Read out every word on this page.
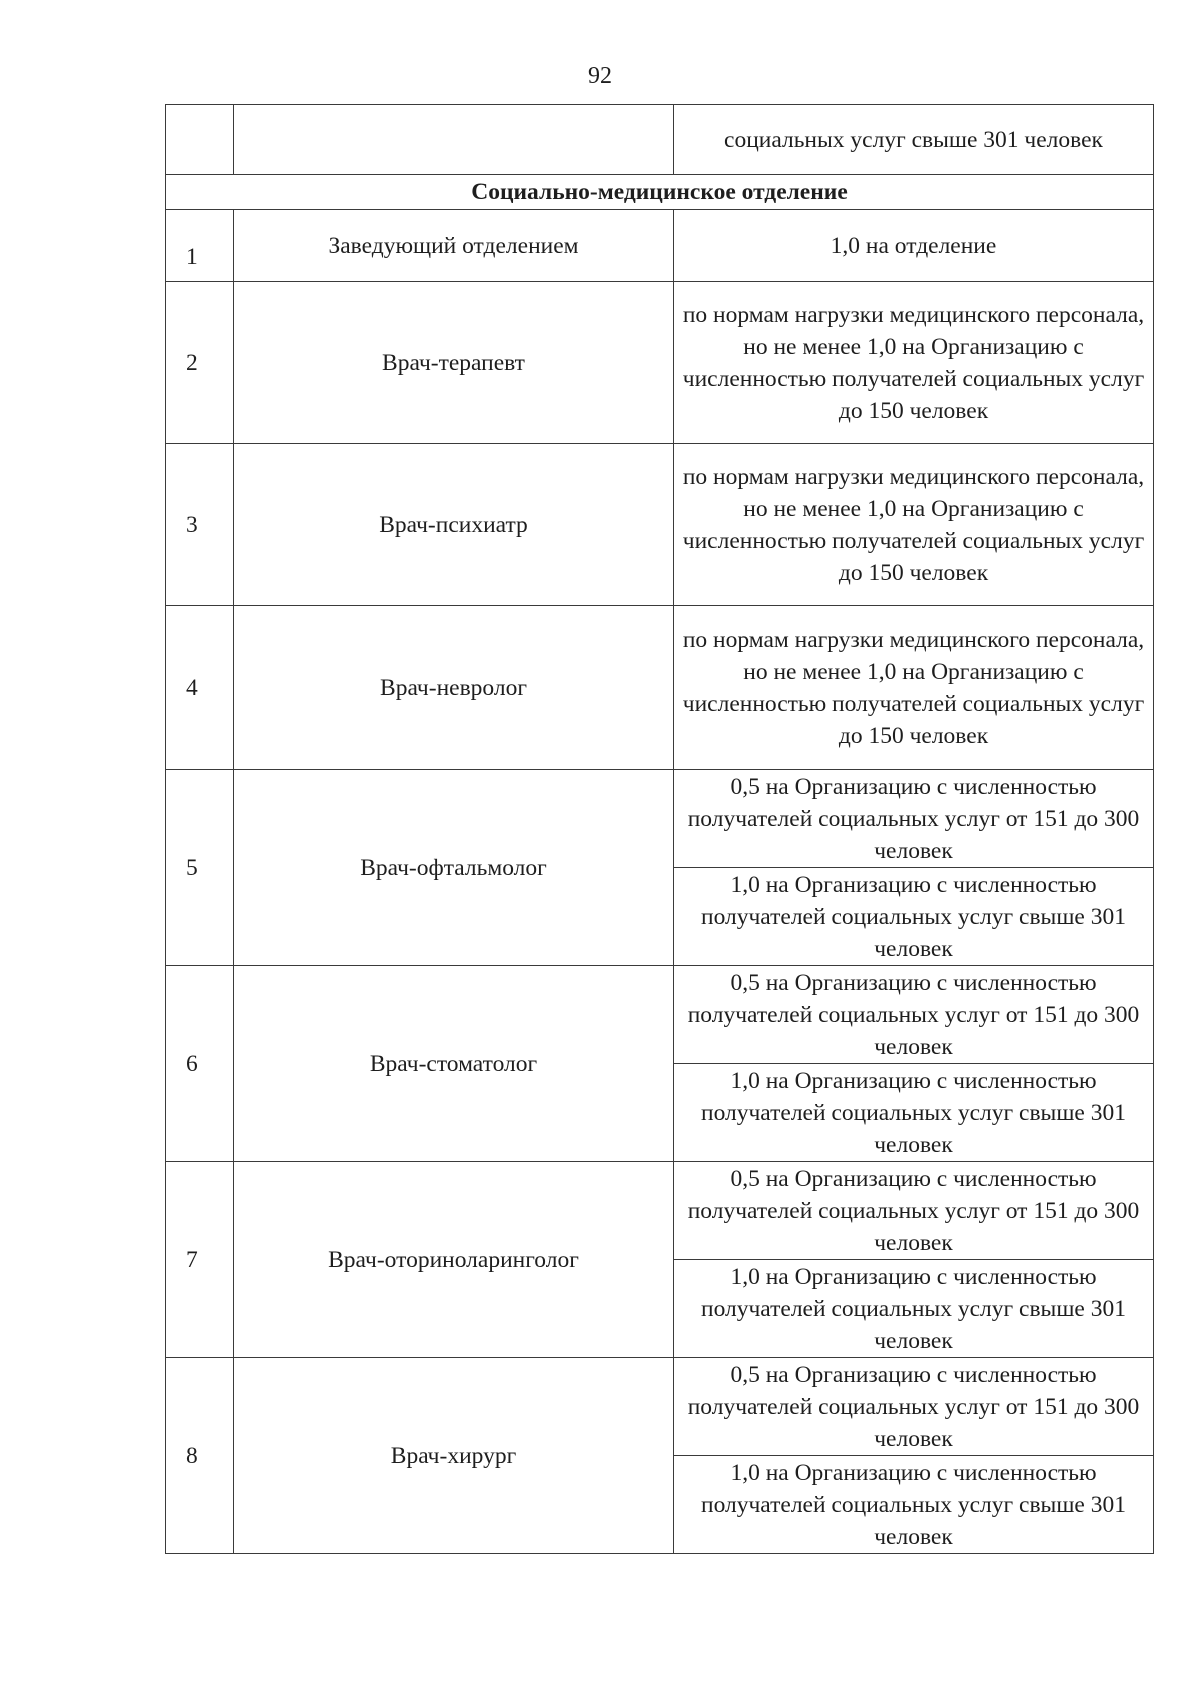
92
		социальных услуг свыше 301 человек
Социально-медицинское отделение		
1	Заведующий отделением	1,0 на отделение
2	Врач-терапевт	по нормам нагрузки медицинского персонала, но не менее 1,0 на Организацию с численностью получателей социальных услуг до 150 человек
3	Врач-психиатр	по нормам нагрузки медицинского персонала, но не менее 1,0 на Организацию с численностью получателей социальных услуг до 150 человек
4	Врач-невролог	по нормам нагрузки медицинского персонала, но не менее 1,0 на Организацию с численностью получателей социальных услуг до 150 человек
5	Врач-офтальмолог	0,5 на Организацию с численностью получателей социальных услуг от 151 до 300 человек
		1,0 на Организацию с численностью получателей социальных услуг свыше 301 человек
6	Врач-стоматолог	0,5 на Организацию с численностью получателей социальных услуг от 151 до 300 человек
		1,0 на Организацию с численностью получателей социальных услуг свыше 301 человек
7	Врач-оториноларинголог	0,5 на Организацию с численностью получателей социальных услуг от 151 до 300 человек
		1,0 на Организацию с численностью получателей социальных услуг свыше 301 человек
8	Врач-хирург	0,5 на Организацию с численностью получателей социальных услуг от 151 до 300 человек
		1,0 на Организацию с численностью получателей социальных услуг свыше 301 человек
